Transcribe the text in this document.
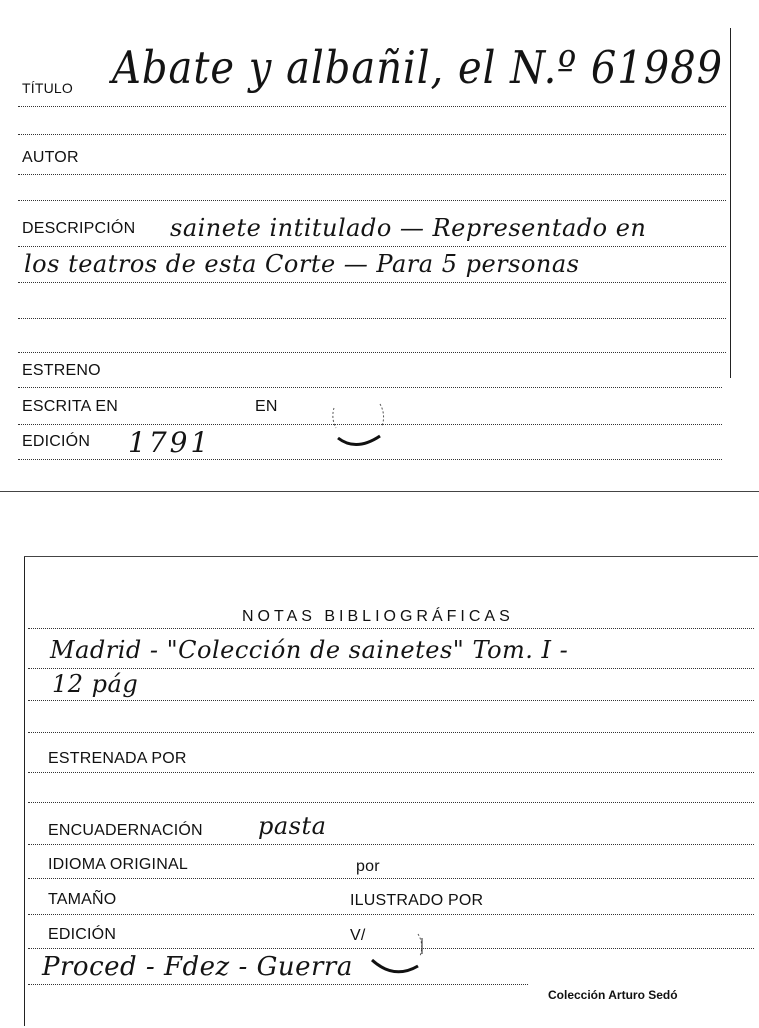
TÍTULO Abate y albañil, el N.º 61989
AUTOR
DESCRIPCIÓN sainete intitulado — Representado en
los teatros de esta Corte — Para 5 personas
ESTRENO
ESCRITA EN	EN
EDICIÓN 1791
NOTAS BIBLIOGRÁFICAS
Madrid - "Colección de sainetes" Tom. I -
12 pág
ESTRENADA POR
ENCUADERNACIÓN pasta
IDIOMA ORIGINAL	por
TAMAÑO	ILUSTRADO POR
EDICIÓN	V/
Proced - Fdez - Guerra
Colección Arturo Sedó
